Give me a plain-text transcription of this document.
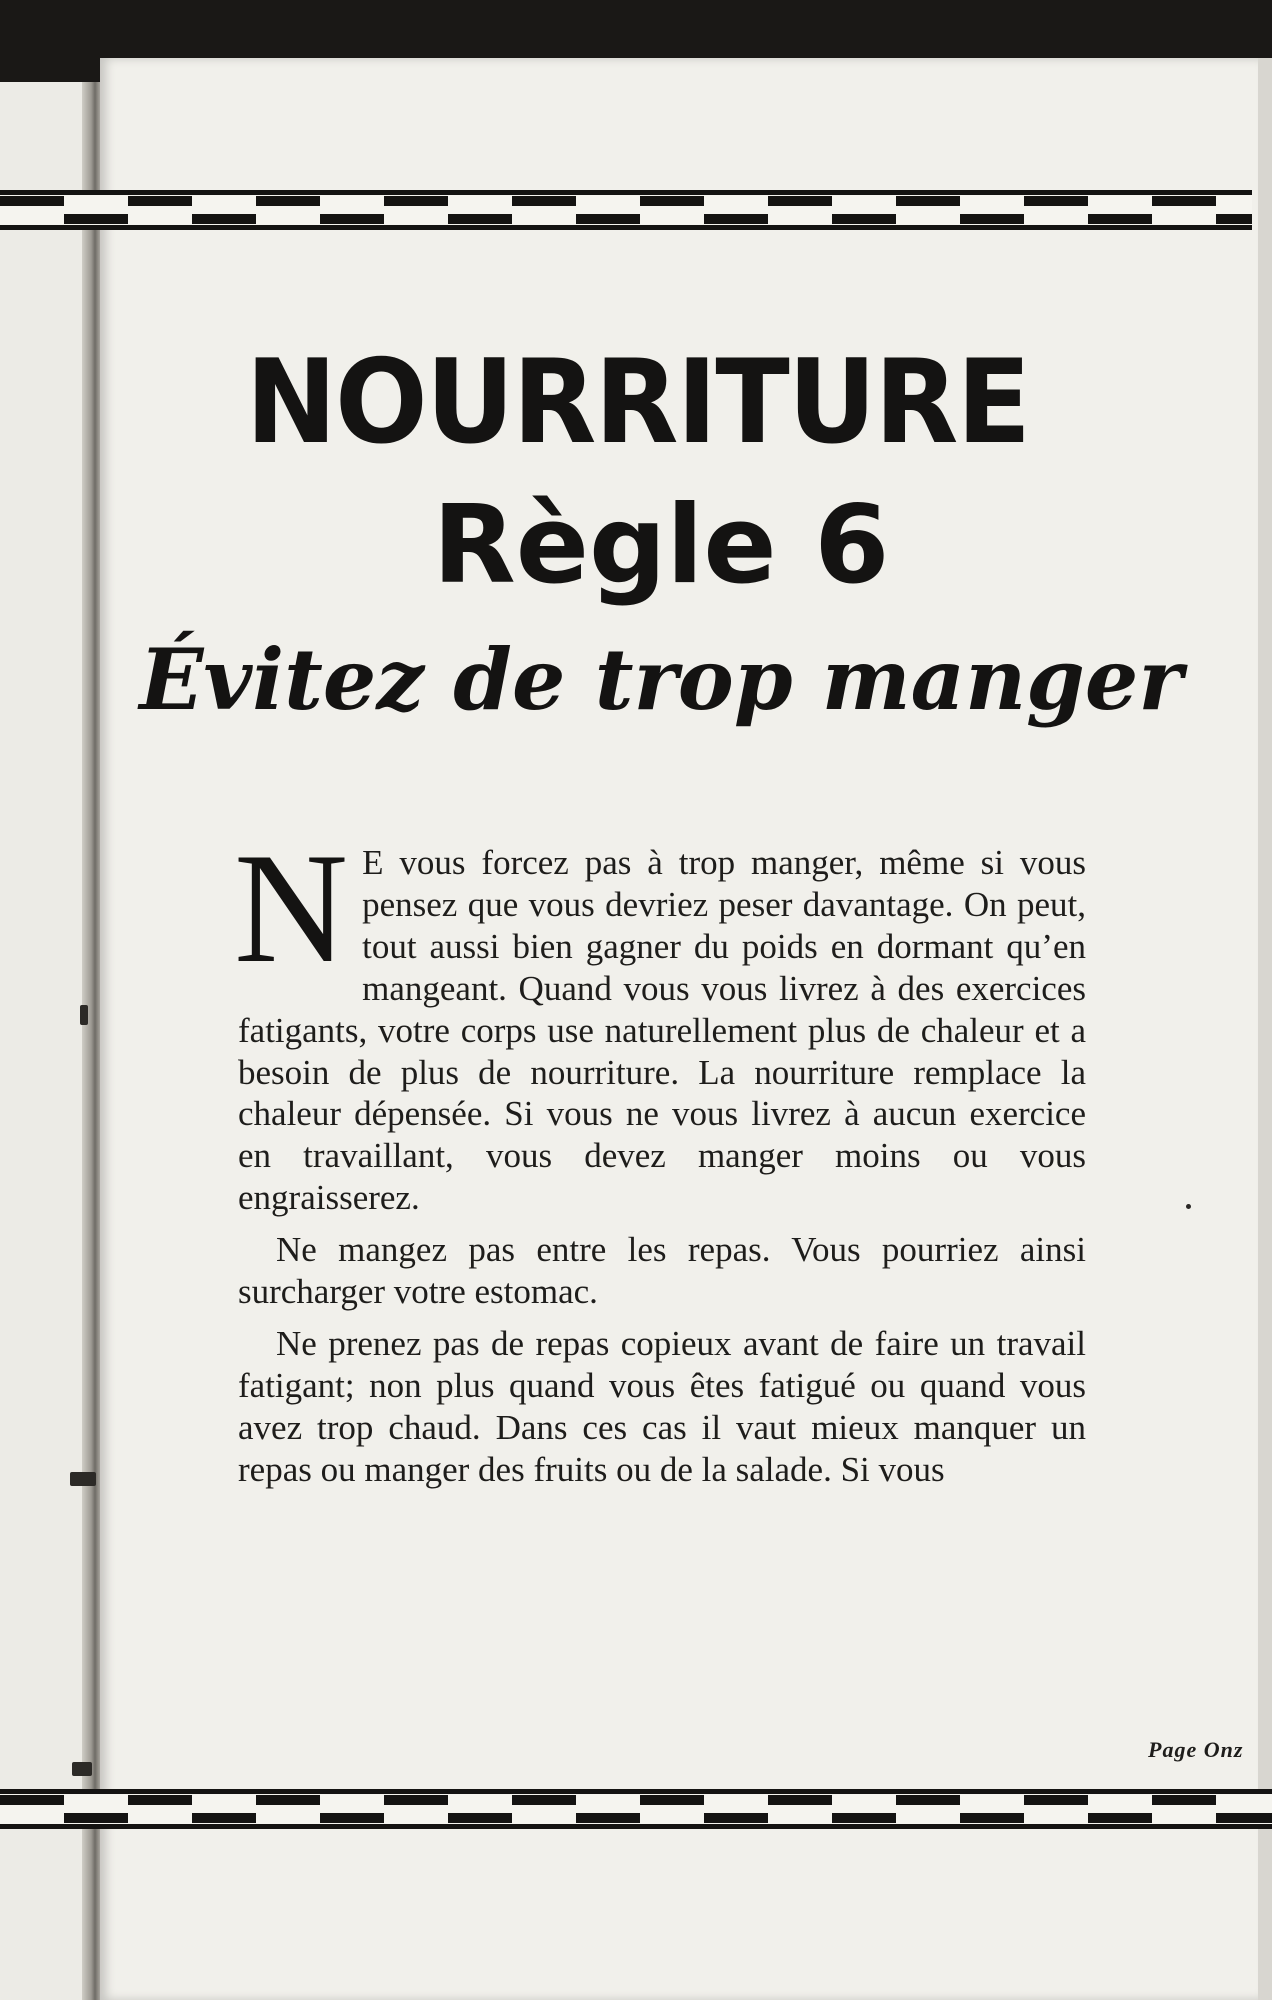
NOURRITURE
Règle 6
Évitez de trop manger

N E vous forcez pas à trop manger, même si vous pensez que vous devriez peser davantage. On peut, tout aussi bien gagner du poids en dormant qu’en mangeant. Quand vous vous livrez à des exercices fatigants, votre corps use naturellement plus de chaleur et a besoin de plus de nourriture. La nourriture remplace la chaleur dépensée. Si vous ne vous livrez à aucun exercice en travaillant, vous devez manger moins ou vous engraisserez.

Ne mangez pas entre les repas. Vous pourriez ainsi surcharger votre estomac.

Ne prenez pas de repas copieux avant de faire un travail fatigant; non plus quand vous êtes fatigué ou quand vous avez trop chaud. Dans ces cas il vaut mieux manquer un repas ou manger des fruits ou de la salade. Si vous

Page Onz
